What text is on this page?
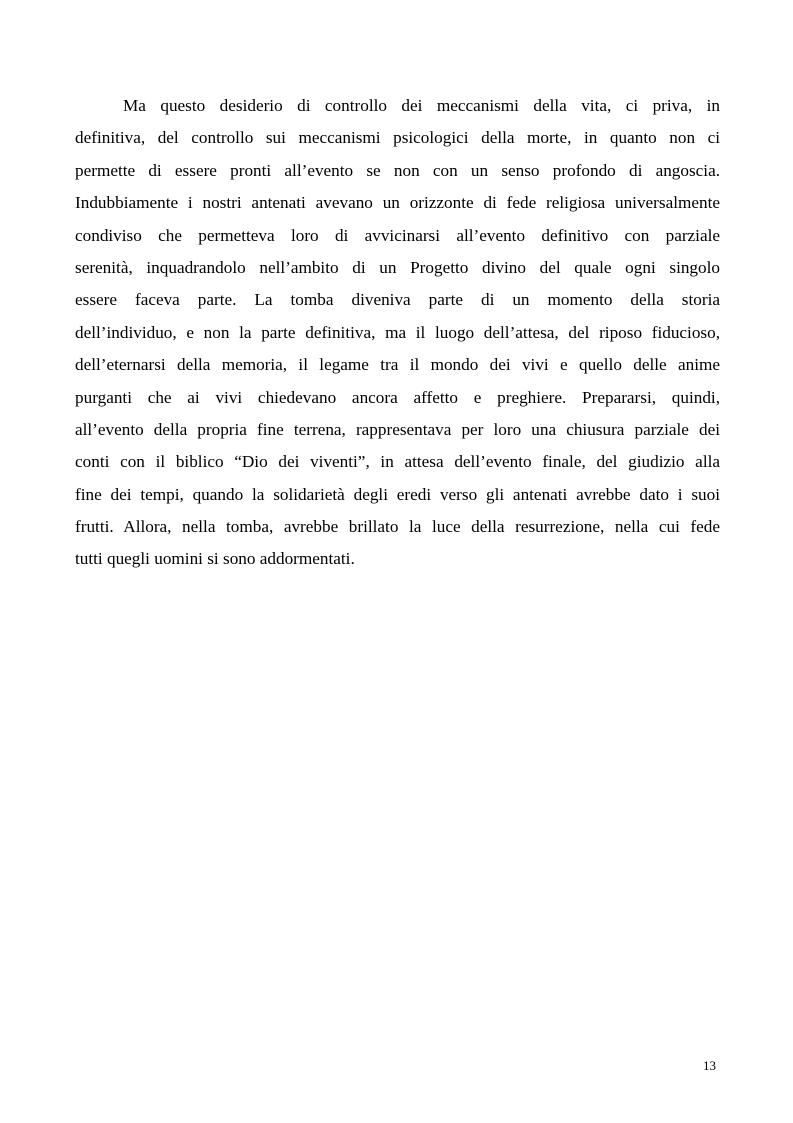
Ma questo desiderio di controllo dei meccanismi della vita, ci priva, in
definitiva, del controllo sui meccanismi psicologici della morte, in quanto non ci
permette di essere pronti all’evento se non con un senso profondo di angoscia.
Indubbiamente i nostri antenati avevano un orizzonte di fede religiosa universalmente
condiviso che permetteva loro di avvicinarsi all’evento definitivo con parziale
serenità, inquadrandolo nell’ambito di un Progetto divino del quale ogni singolo
essere faceva parte. La tomba diveniva parte di un momento della storia
dell’individuo, e non la parte definitiva, ma il luogo dell’attesa, del riposo fiducioso,
dell’eternarsi della memoria, il legame tra il mondo dei vivi e quello delle anime
purganti che ai vivi chiedevano ancora affetto e preghiere. Prepararsi, quindi,
all’evento della propria fine terrena, rappresentava per loro una chiusura parziale dei
conti con il biblico “Dio dei viventi”, in attesa dell’evento finale, del giudizio alla
fine dei tempi, quando la solidarietà degli eredi verso gli antenati avrebbe dato i suoi
frutti. Allora, nella tomba, avrebbe brillato la luce della resurrezione, nella cui fede
tutti quegli uomini si sono addormentati.
13
